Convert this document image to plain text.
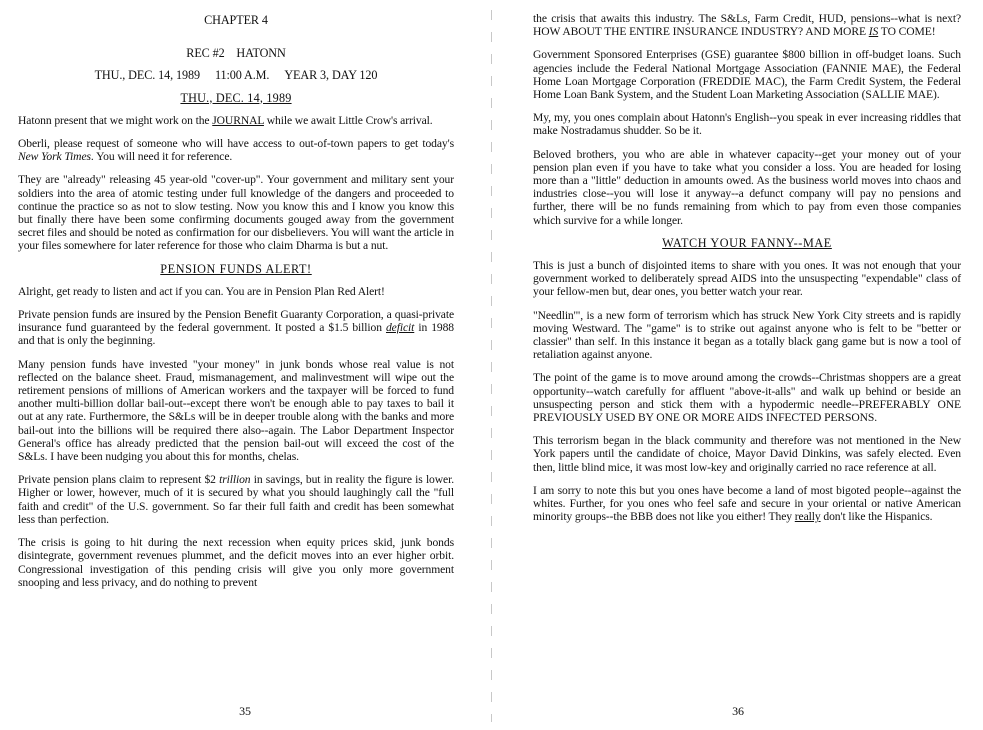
CHAPTER 4
REC #2    HATONN
THU., DEC. 14, 1989 11:00 A.M. YEAR 3, DAY 120
THU., DEC. 14, 1989

Hatonn present that we might work on the JOURNAL while we await Little Crow's arrival.

Oberli, please request of someone who will have access to out-of-town papers to get today's New York Times. You will need it for reference.

They are "already" releasing 45 year-old "cover-up". Your government and military sent your soldiers into the area of atomic testing under full knowledge of the dangers and proceeded to continue the practice so as not to slow testing. Now you know this and I know you know this but finally there have been some confirming documents gouged away from the government secret files and should be noted as confirmation for our disbelievers. You will want the article in your files somewhere for later reference for those who claim Dharma is but a nut.

PENSION FUNDS ALERT!

Alright, get ready to listen and act if you can. You are in Pension Plan Red Alert!

Private pension funds are insured by the Pension Benefit Guaranty Corporation, a quasi-private insurance fund guaranteed by the federal government. It posted a $1.5 billion deficit in 1988 and that is only the beginning.

Many pension funds have invested "your money" in junk bonds whose real value is not reflected on the balance sheet. Fraud, mismanagement, and malinvestment will wipe out the retirement pensions of millions of American workers and the taxpayer will be forced to fund another multi-billion dollar bail-out--except there won't be enough able to pay taxes to bail it out at any rate. Furthermore, the S&Ls will be in deeper trouble along with the banks and more bail-out into the billions will be required there also--again. The Labor Department Inspector General's office has already predicted that the pension bail-out will exceed the cost of the S&Ls. I have been nudging you about this for months, chelas.

Private pension plans claim to represent $2 trillion in savings, but in reality the figure is lower. Higher or lower, however, much of it is secured by what you should laughingly call the "full faith and credit" of the U.S. government. So far their full faith and credit has been somewhat less than perfection.

The crisis is going to hit during the next recession when equity prices skid, junk bonds disintegrate, government revenues plummet, and the deficit moves into an ever higher orbit. Congressional investigation of this pending crisis will give you only more government snooping and less privacy, and do nothing to prevent

35

the crisis that awaits this industry. The S&Ls, Farm Credit, HUD, pensions--what is next? HOW ABOUT THE ENTIRE INSURANCE INDUSTRY? AND MORE IS TO COME!

Government Sponsored Enterprises (GSE) guarantee $800 billion in off-budget loans. Such agencies include the Federal National Mortgage Association (FANNIE MAE), the Federal Home Loan Mortgage Corporation (FREDDIE MAC), the Farm Credit System, the Federal Home Loan Bank System, and the Student Loan Marketing Association (SALLIE MAE).

My, my, you ones complain about Hatonn's English--you speak in ever increasing riddles that make Nostradamus shudder. So be it.

Beloved brothers, you who are able in whatever capacity--get your money out of your pension plan even if you have to take what you consider a loss. You are headed for losing more than a "little" deduction in amounts owed. As the business world moves into chaos and industries close--you will lose it anyway--a defunct company will pay no pensions and further, there will be no funds remaining from which to pay from even those companies which survive for a while longer.

WATCH YOUR FANNY--MAE

This is just a bunch of disjointed items to share with you ones. It was not enough that your government worked to deliberately spread AIDS into the unsuspecting "expendable" class of your fellow-men but, dear ones, you better watch your rear.

"Needlin'", is a new form of terrorism which has struck New York City streets and is rapidly moving Westward. The "game" is to strike out against anyone who is felt to be "better or classier" than self. In this instance it began as a totally black gang game but is now a tool of retaliation against anyone.

The point of the game is to move around among the crowds--Christmas shoppers are a great opportunity--watch carefully for affluent "above-it-alls" and walk up behind or beside an unsuspecting person and stick them with a hypodermic needle--PREFERABLY ONE PREVIOUSLY USED BY ONE OR MORE AIDS INFECTED PERSONS.

This terrorism began in the black community and therefore was not mentioned in the New York papers until the candidate of choice, Mayor David Dinkins, was safely elected. Even then, little blind mice, it was most low-key and originally carried no race reference at all.

I am sorry to note this but you ones have become a land of most bigoted people--against the whites. Further, for you ones who feel safe and secure in your oriental or native American minority groups--the BBB does not like you either! They really don't like the Hispanics.

36
